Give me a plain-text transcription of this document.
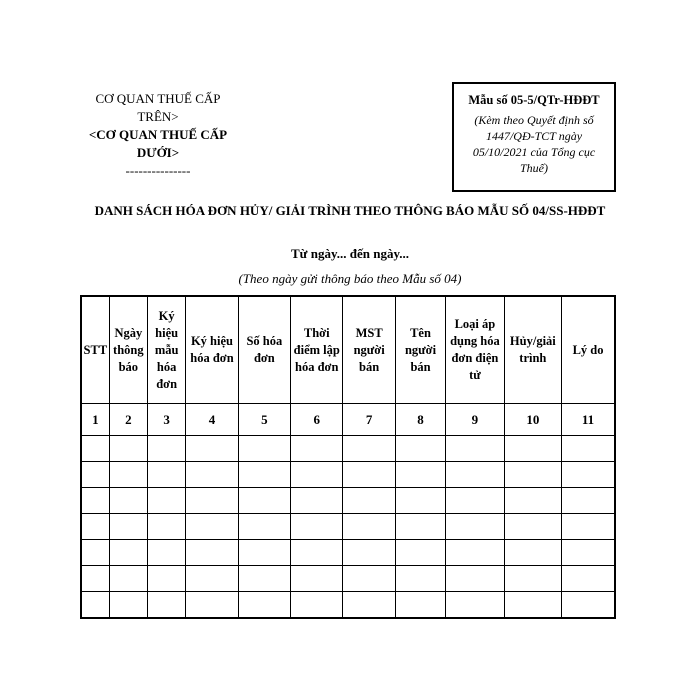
CƠ QUAN THUẾ CẤP
TRÊN>
<CƠ QUAN THUẾ CẤP
DƯỚI>
---------------
Mẫu số 05-5/QTr-HĐĐT
(Kèm theo Quyết định số 1447/QĐ-TCT ngày 05/10/2021 của Tổng cục Thuế)
DANH SÁCH HÓA ĐƠN HỦY/ GIẢI TRÌNH THEO THÔNG BÁO MẪU SỐ 04/SS-HĐĐT
Từ ngày... đến ngày...
(Theo ngày gửi thông báo theo Mẫu số 04)
STT	Ngày thông báo	Ký hiệu mẫu hóa đơn	Ký hiệu hóa đơn	Số hóa đơn	Thời điểm lập hóa đơn	MST người bán	Tên người bán	Loại áp dụng hóa đơn điện tử	Hủy/giải trình	Lý do
1	2	3	4	5	6	7	8	9	10	11
